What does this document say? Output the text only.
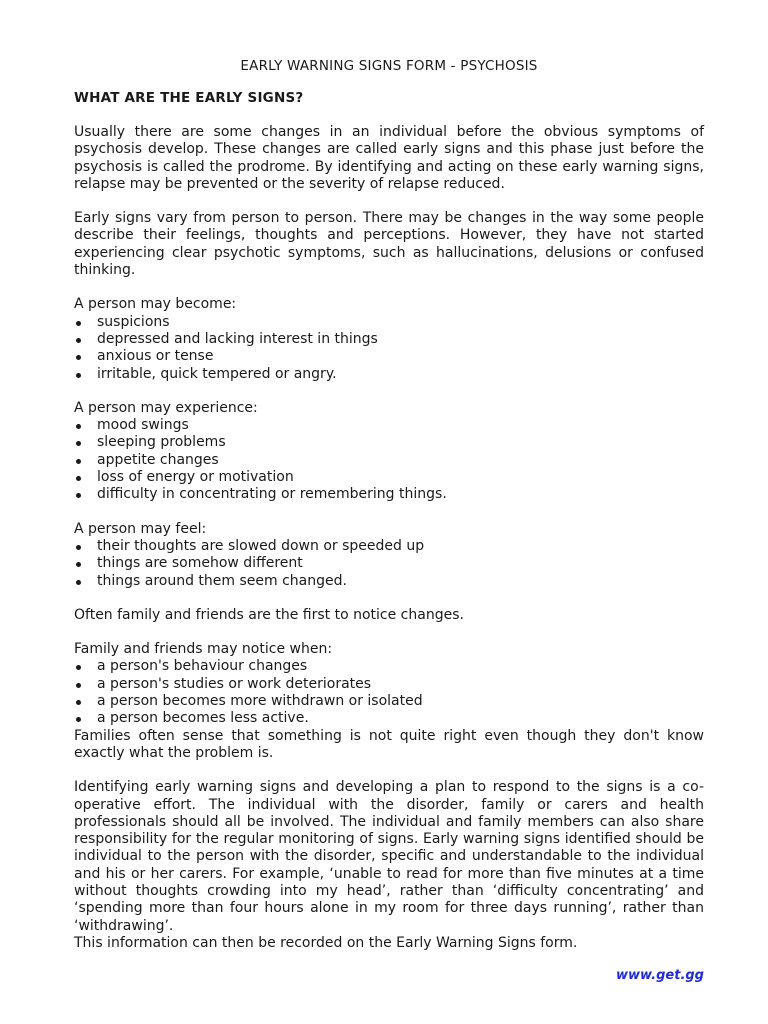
EARLY WARNING SIGNS FORM - PSYCHOSIS
WHAT ARE THE EARLY SIGNS?

Usually there are some changes in an individual before the obvious symptoms of psychosis develop. These changes are called early signs and this phase just before the psychosis is called the prodrome. By identifying and acting on these early warning signs, relapse may be prevented or the severity of relapse reduced.

Early signs vary from person to person. There may be changes in the way some people describe their feelings, thoughts and perceptions. However, they have not started experiencing clear psychotic symptoms, such as hallucinations, delusions or confused thinking.

A person may become:
suspicions
depressed and lacking interest in things
anxious or tense
irritable, quick tempered or angry.
A person may experience:
mood swings
sleeping problems
appetite changes
loss of energy or motivation
difficulty in concentrating or remembering things.
A person may feel:
their thoughts are slowed down or speeded up
things are somehow different
things around them seem changed.

Often family and friends are the first to notice changes.

Family and friends may notice when:
a person's behaviour changes
a person's studies or work deteriorates
a person becomes more withdrawn or isolated
a person becomes less active.

Families often sense that something is not quite right even though they don't know exactly what the problem is.

Identifying early warning signs and developing a plan to respond to the signs is a co-operative effort. The individual with the disorder, family or carers and health professionals should all be involved. The individual and family members can also share responsibility for the regular monitoring of signs. Early warning signs identified should be individual to the person with the disorder, specific and understandable to the individual and his or her carers. For example, ‘unable to read for more than five minutes at a time without thoughts crowding into my head’, rather than ‘difficulty concentrating’ and ‘spending more than four hours alone in my room for three days running’, rather than ‘withdrawing’.

This information can then be recorded on the Early Warning Signs form.

www.get.gg
